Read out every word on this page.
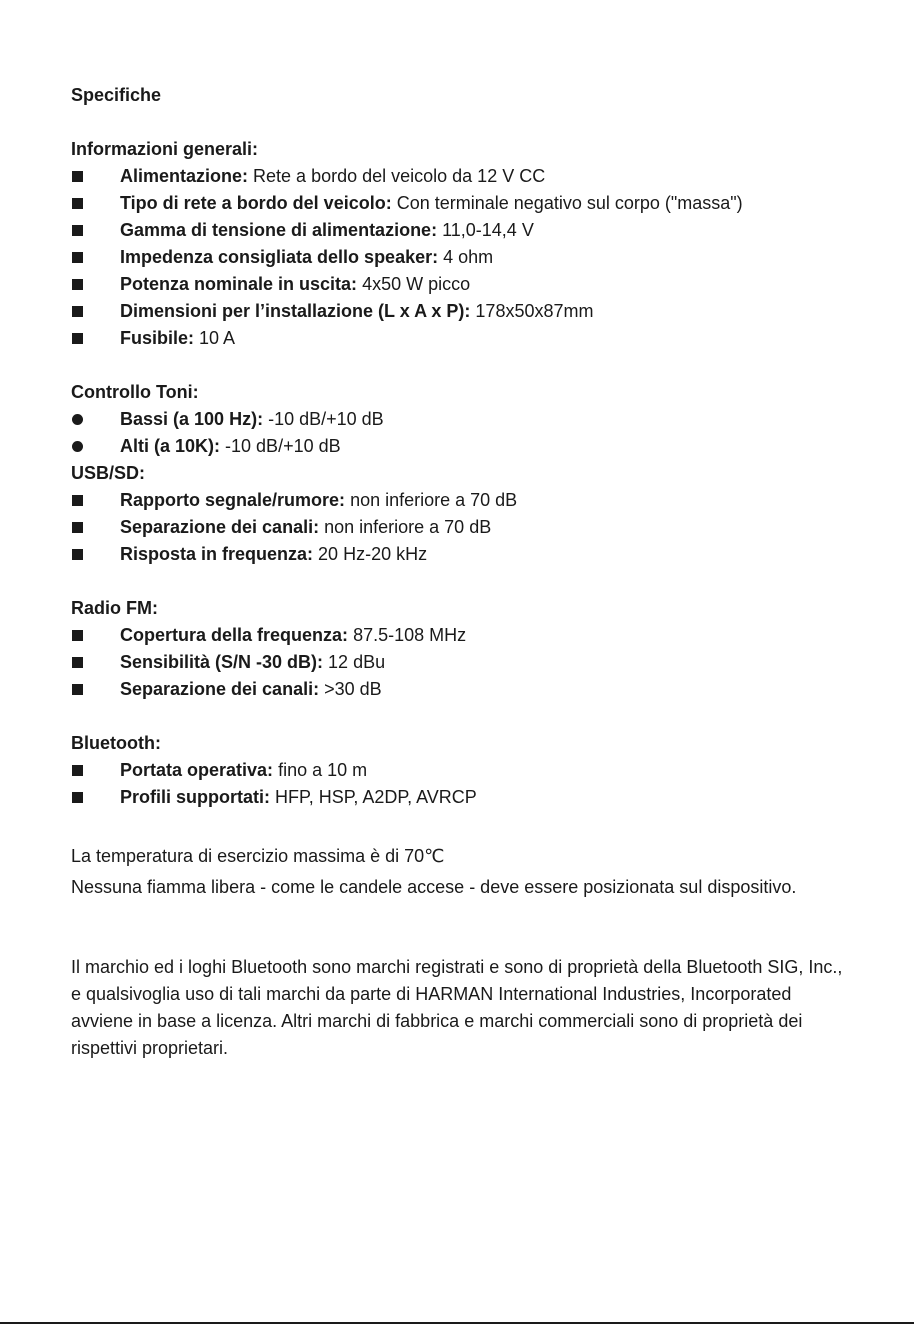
Specifiche

Informazioni generali:

Alimentazione: Rete a bordo del veicolo da 12 V CC
Tipo di rete a bordo del veicolo: Con terminale negativo sul corpo ("massa")
Gamma di tensione di alimentazione: 11,0-14,4 V
Impedenza consigliata dello speaker: 4 ohm
Potenza nominale in uscita: 4x50 W picco
Dimensioni per l’installazione (L x A x P): 178x50x87mm
Fusibile: 10 A

Controllo Toni:

Bassi (a 100 Hz): -10 dB/+10 dB
Alti (a 10K): -10 dB/+10 dB

USB/SD:

Rapporto segnale/rumore: non inferiore a 70 dB
Separazione dei canali: non inferiore a 70 dB
Risposta in frequenza: 20 Hz-20 kHz

Radio FM:

Copertura della frequenza: 87.5-108 MHz
Sensibilità (S/N -30 dB): 12 dBu
Separazione dei canali: >30 dB

Bluetooth:

Portata operativa: fino a 10 m
Profili supportati: HFP, HSP, A2DP, AVRCP

La temperatura di esercizio massima è di 70℃

Nessuna fiamma libera - come le candele accese - deve essere posizionata sul dispositivo.

Il marchio ed i loghi Bluetooth sono marchi registrati e sono di proprietà della Bluetooth SIG, Inc., e qualsivoglia uso di tali marchi da parte di HARMAN International Industries, Incorporated avviene in base a licenza. Altri marchi di fabbrica e marchi commerciali sono di proprietà dei rispettivi proprietari.
